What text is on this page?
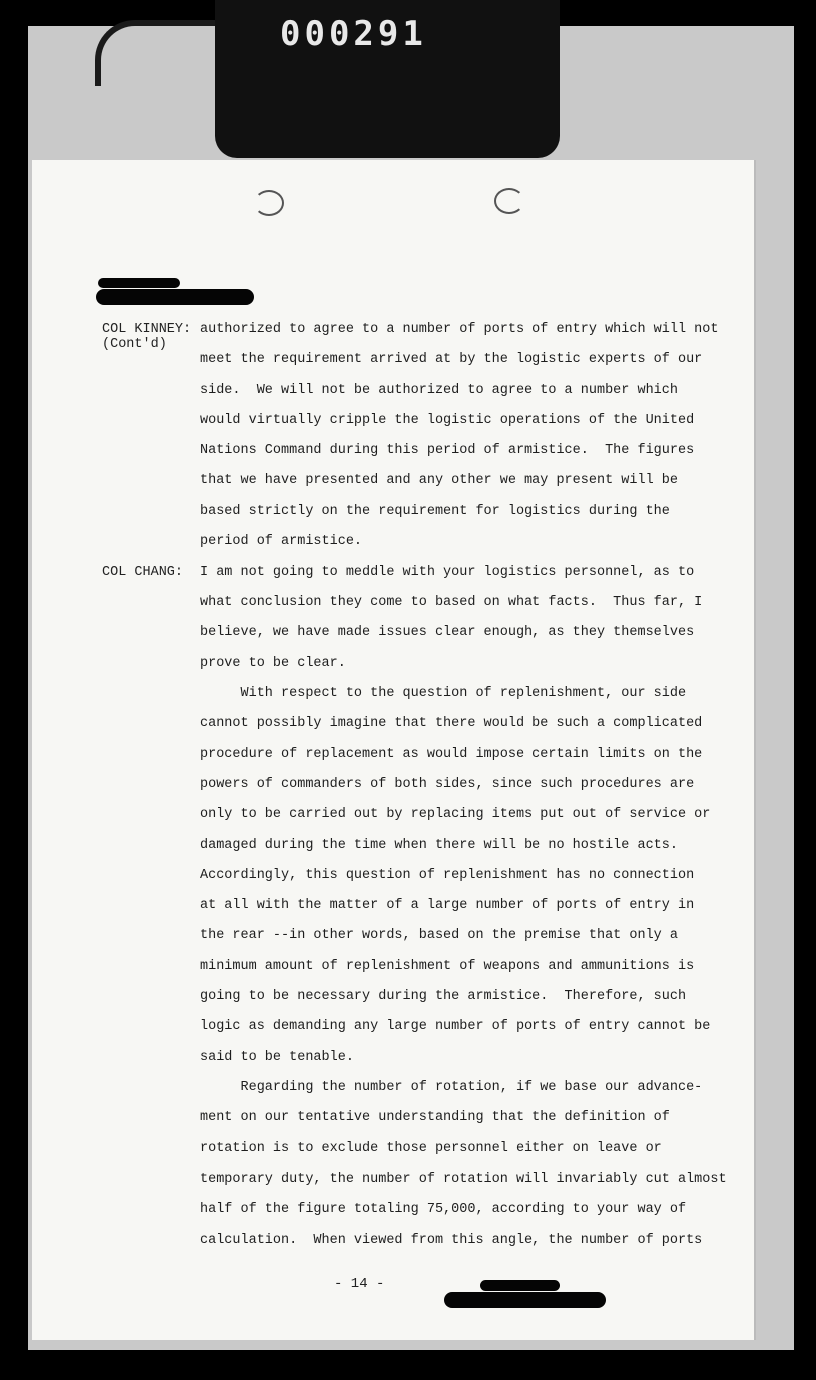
000291
COL KINNEY:
(Cont'd)
COL CHANG:
authorized to agree to a number of ports of entry which will not
meet the requirement arrived at by the logistic experts of our
side.  We will not be authorized to agree to a number which
would virtually cripple the logistic operations of the United
Nations Command during this period of armistice.  The figures
that we have presented and any other we may present will be
based strictly on the requirement for logistics during the
period of armistice.
I am not going to meddle with your logistics personnel, as to
what conclusion they come to based on what facts.  Thus far, I
believe, we have made issues clear enough, as they themselves
prove to be clear.
With respect to the question of replenishment, our side
cannot possibly imagine that there would be such a complicated
procedure of replacement as would impose certain limits on the
powers of commanders of both sides, since such procedures are
only to be carried out by replacing items put out of service or
damaged during the time when there will be no hostile acts.
Accordingly, this question of replenishment has no connection
at all with the matter of a large number of ports of entry in
the rear --in other words, based on the premise that only a
minimum amount of replenishment of weapons and ammunitions is
going to be necessary during the armistice.  Therefore, such
logic as demanding any large number of ports of entry cannot be
said to be tenable.
Regarding the number of rotation, if we base our advance-
ment on our tentative understanding that the definition of
rotation is to exclude those personnel either on leave or
temporary duty, the number of rotation will invariably cut almost
half of the figure totaling 75,000, according to your way of
calculation.  When viewed from this angle, the number of ports
- 14 -
